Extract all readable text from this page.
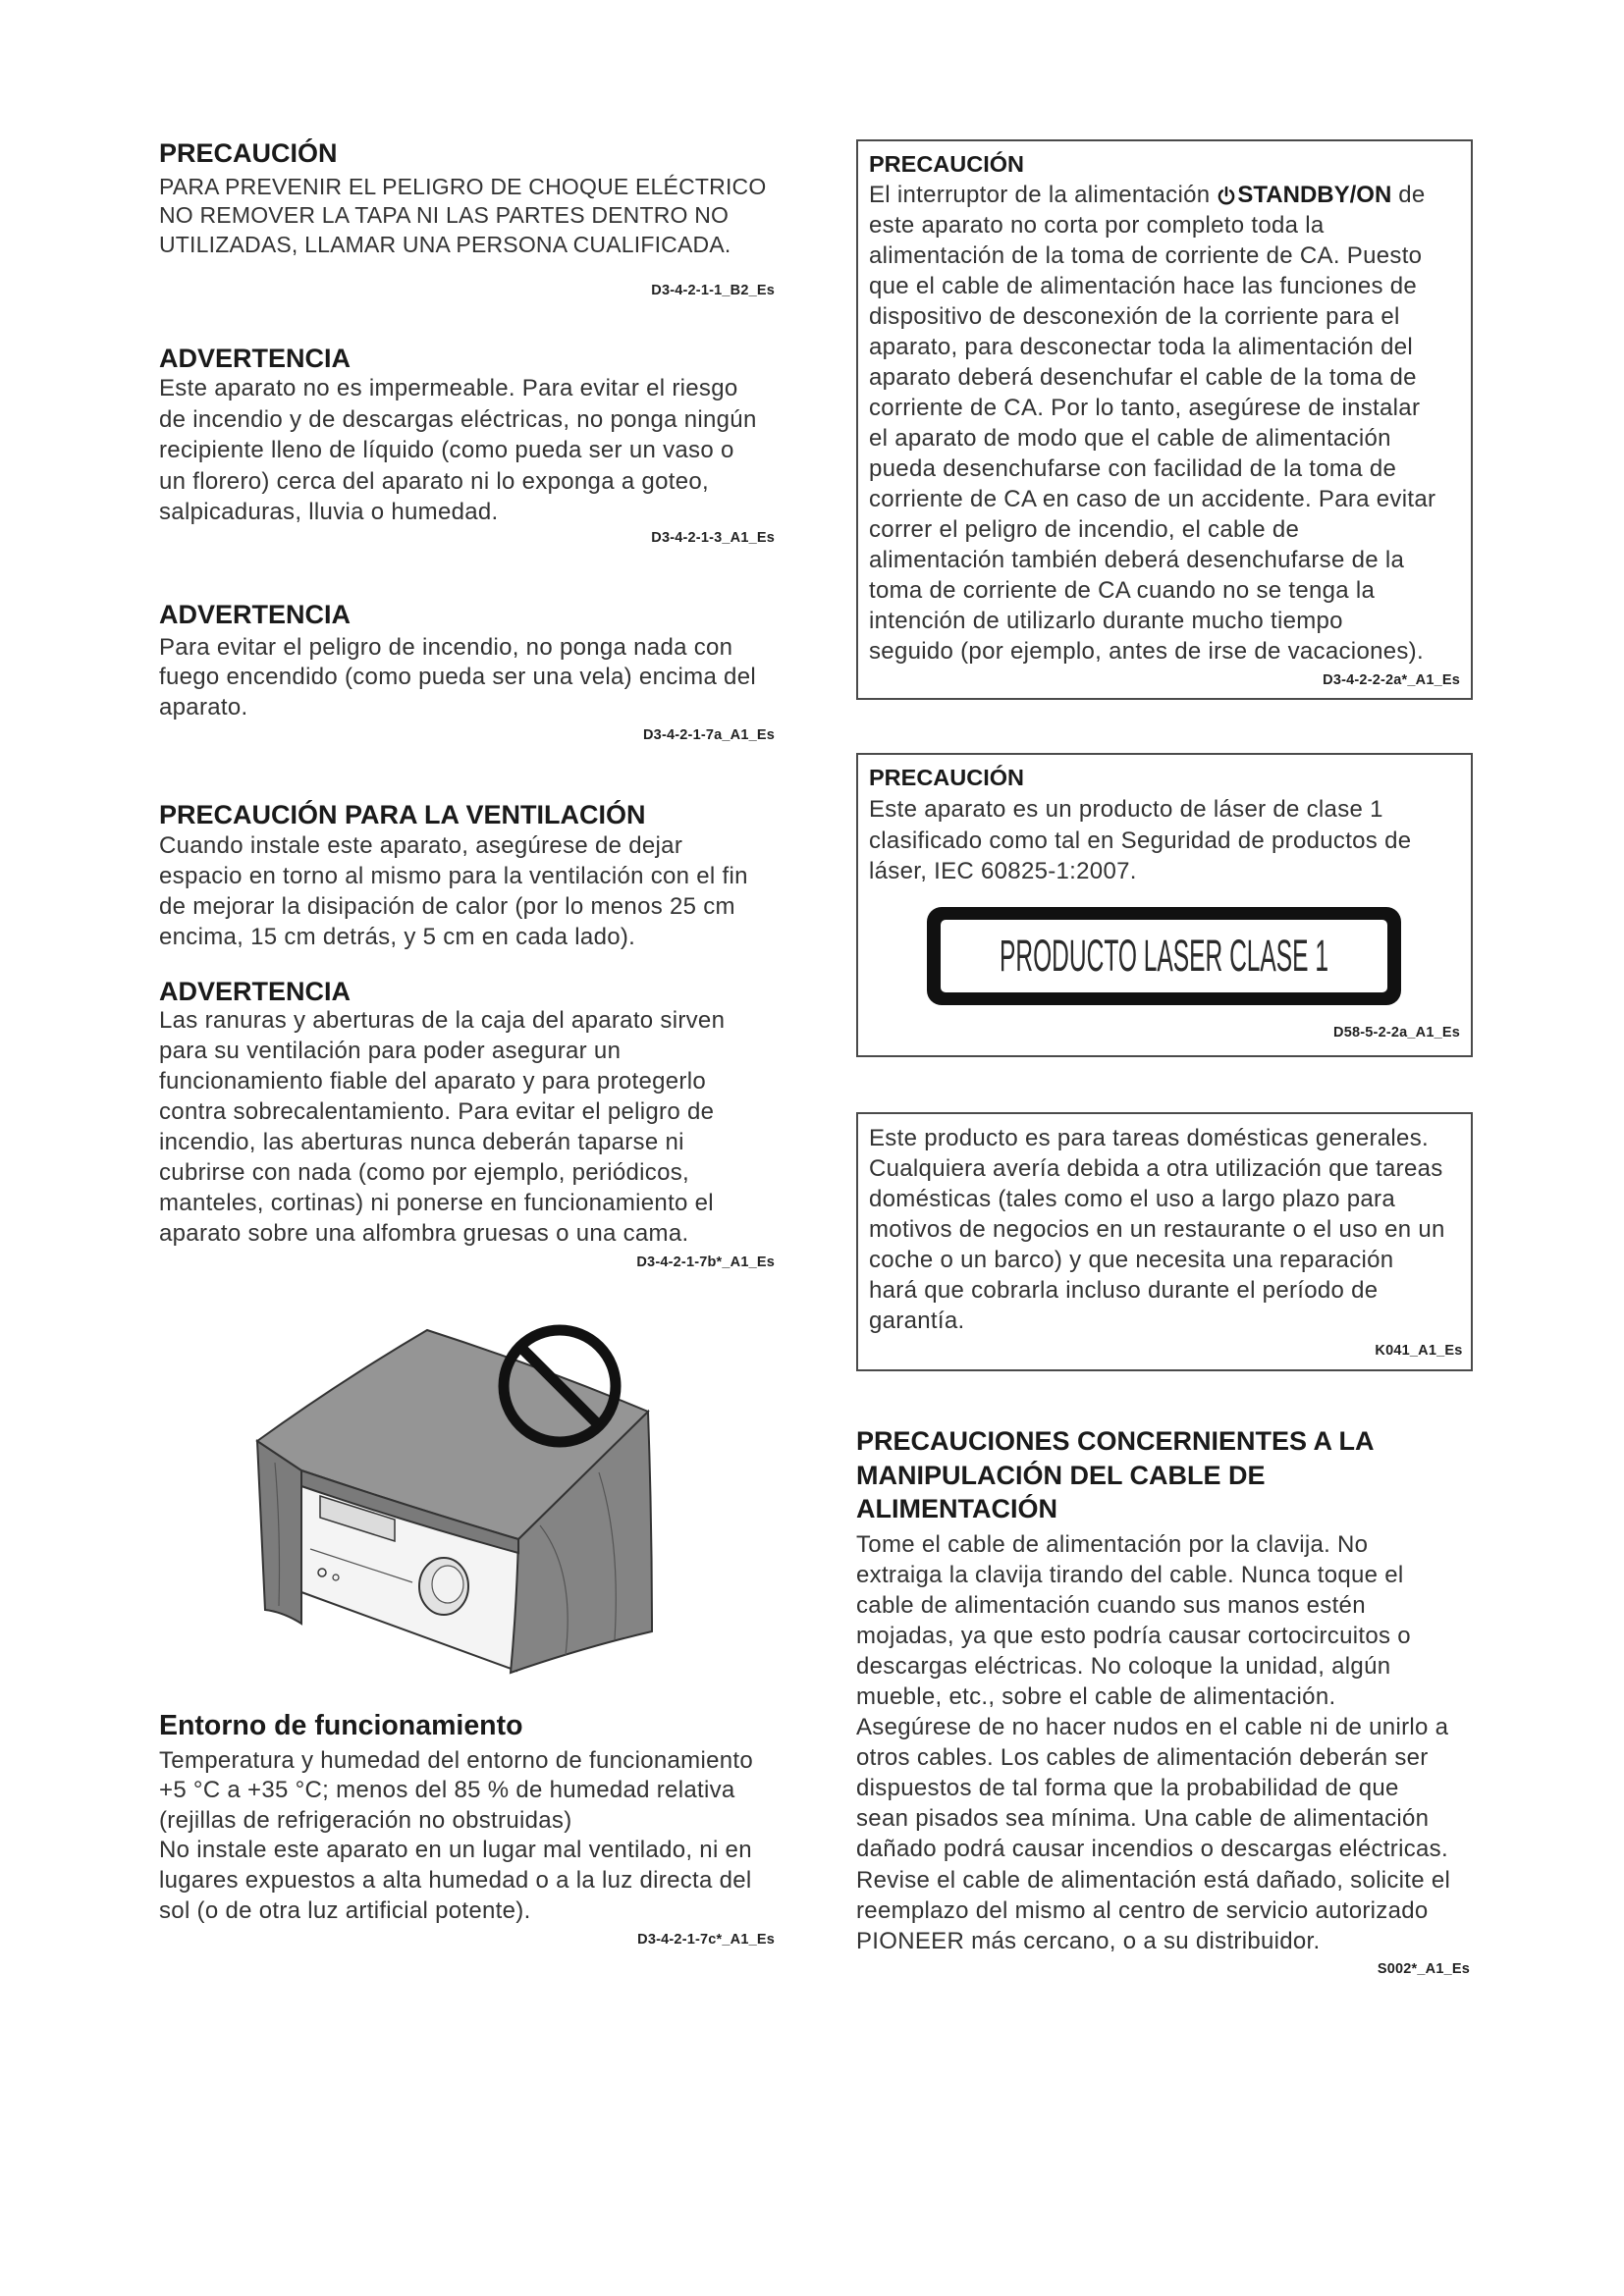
PRECAUCIÓN
PARA PREVENIR EL PELIGRO DE CHOQUE ELÉCTRICO
NO REMOVER LA TAPA NI LAS PARTES DENTRO NO
UTILIZADAS, LLAMAR UNA PERSONA CUALIFICADA.
D3-4-2-1-1_B2_Es
ADVERTENCIA
Este aparato no es impermeable. Para evitar el riesgo
de incendio y de descargas eléctricas, no ponga ningún
recipiente lleno de líquido (como pueda ser un vaso o
un florero) cerca del aparato ni lo exponga a goteo,
salpicaduras, lluvia o humedad.
D3-4-2-1-3_A1_Es
ADVERTENCIA
Para evitar el peligro de incendio, no ponga nada con
fuego encendido (como pueda ser una vela) encima del
aparato.
D3-4-2-1-7a_A1_Es
PRECAUCIÓN PARA LA VENTILACIÓN
Cuando instale este aparato, asegúrese de dejar
espacio en torno al mismo para la ventilación con el fin
de mejorar la disipación de calor (por lo menos 25 cm
encima, 15 cm detrás, y 5 cm en cada lado).
ADVERTENCIA
Las ranuras y aberturas de la caja del aparato sirven
para su ventilación para poder asegurar un
funcionamiento fiable del aparato y para protegerlo
contra sobrecalentamiento. Para evitar el peligro de
incendio, las aberturas nunca deberán taparse ni
cubrirse con nada (como por ejemplo, periódicos,
manteles, cortinas) ni ponerse en funcionamiento el
aparato sobre una alfombra gruesas o una cama.
D3-4-2-1-7b*_A1_Es
Entorno de funcionamiento
Temperatura y humedad del entorno de funcionamiento
+5 °C a +35 °C; menos del 85 % de humedad relativa
(rejillas de refrigeración no obstruidas)
No instale este aparato en un lugar mal ventilado, ni en
lugares expuestos a alta humedad o a la luz directa del
sol (o de otra luz artificial potente).
D3-4-2-1-7c*_A1_Es
PRECAUCIÓN
El interruptor de la alimentación
STANDBY/ON de
este aparato no corta por completo toda la
alimentación de la toma de corriente de CA. Puesto
que el cable de alimentación hace las funciones de
dispositivo de desconexión de la corriente para el
aparato, para desconectar toda la alimentación del
aparato deberá desenchufar el cable de la toma de
corriente de CA. Por lo tanto, asegúrese de instalar
el aparato de modo que el cable de alimentación
pueda desenchufarse con facilidad de la toma de
corriente de CA en caso de un accidente. Para evitar
correr el peligro de incendio, el cable de
alimentación también deberá desenchufarse de la
toma de corriente de CA cuando no se tenga la
intención de utilizarlo durante mucho tiempo
seguido (por ejemplo, antes de irse de vacaciones).
D3-4-2-2-2a*_A1_Es
PRECAUCIÓN
Este aparato es un producto de láser de clase 1
clasificado como tal en Seguridad de productos de
láser, IEC 60825-1:2007.
PRODUCTO LASER CLASE 1
D58-5-2-2a_A1_Es
Este producto es para tareas domésticas generales.
Cualquiera avería debida a otra utilización que tareas
domésticas (tales como el uso a largo plazo para
motivos de negocios en un restaurante o el uso en un
coche o un barco) y que necesita una reparación
hará que cobrarla incluso durante el período de
garantía.
K041_A1_Es
PRECAUCIONES CONCERNIENTES A LA
MANIPULACIÓN DEL CABLE DE
ALIMENTACIÓN
Tome el cable de alimentación por la clavija. No
extraiga la clavija tirando del cable. Nunca toque el
cable de alimentación cuando sus manos estén
mojadas, ya que esto podría causar cortocircuitos o
descargas eléctricas. No coloque la unidad, algún
mueble, etc., sobre el cable de alimentación.
Asegúrese de no hacer nudos en el cable ni de unirlo a
otros cables. Los cables de alimentación deberán ser
dispuestos de tal forma que la probabilidad de que
sean pisados sea mínima. Una cable de alimentación
dañado podrá causar incendios o descargas eléctricas.
Revise el cable de alimentación está dañado, solicite el
reemplazo del mismo al centro de servicio autorizado
PIONEER más cercano, o a su distribuidor.
S002*_A1_Es
